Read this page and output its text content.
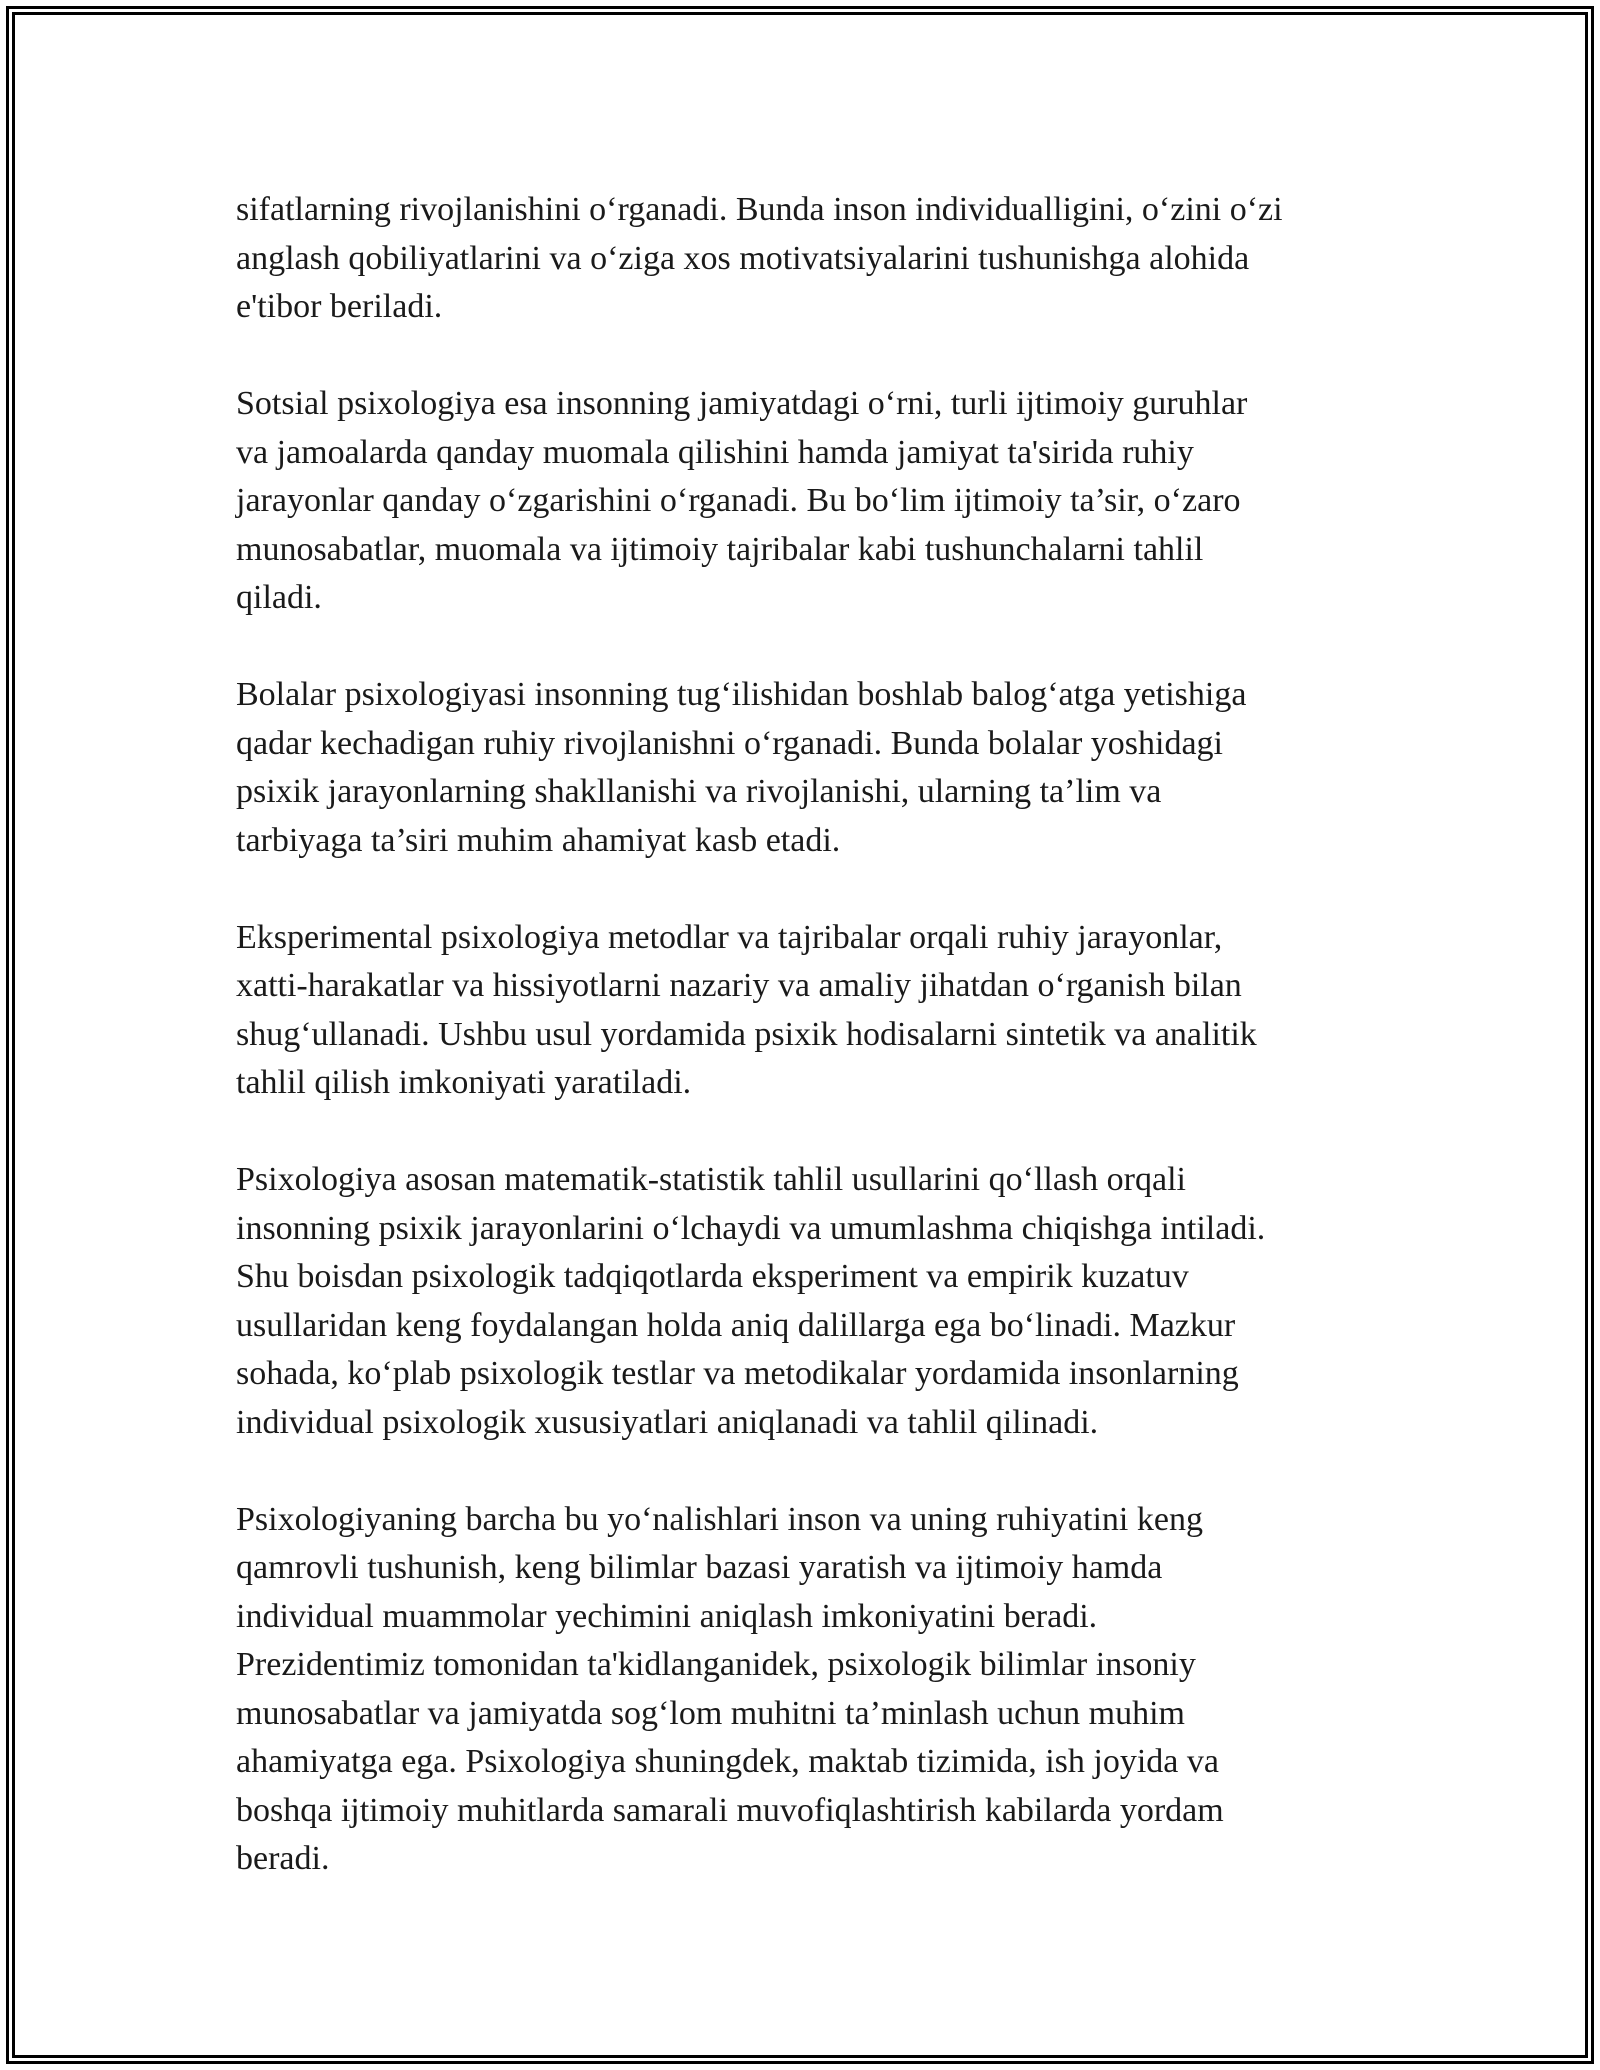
sifatlarning rivojlanishini o‘rganadi. Bunda inson individualligini, o‘zini o‘zi
anglash qobiliyatlarini va o‘ziga xos motivatsiyalarini tushunishga alohida
e'tibor beriladi.

Sotsial psixologiya esa insonning jamiyatdagi o‘rni, turli ijtimoiy guruhlar
va jamoalarda qanday muomala qilishini hamda jamiyat ta'sirida ruhiy
jarayonlar qanday o‘zgarishini o‘rganadi. Bu bo‘lim ijtimoiy ta’sir, o‘zaro
munosabatlar, muomala va ijtimoiy tajribalar kabi tushunchalarni tahlil
qiladi.

Bolalar psixologiyasi insonning tug‘ilishidan boshlab balog‘atga yetishiga
qadar kechadigan ruhiy rivojlanishni o‘rganadi. Bunda bolalar yoshidagi
psixik jarayonlarning shakllanishi va rivojlanishi, ularning ta’lim va
tarbiyaga ta’siri muhim ahamiyat kasb etadi.

Eksperimental psixologiya metodlar va tajribalar orqali ruhiy jarayonlar,
xatti-harakatlar va hissiyotlarni nazariy va amaliy jihatdan o‘rganish bilan
shug‘ullanadi. Ushbu usul yordamida psixik hodisalarni sintetik va analitik
tahlil qilish imkoniyati yaratiladi.

Psixologiya asosan matematik-statistik tahlil usullarini qo‘llash orqali
insonning psixik jarayonlarini o‘lchaydi va umumlashma chiqishga intiladi.
Shu boisdan psixologik tadqiqotlarda eksperiment va empirik kuzatuv
usullaridan keng foydalangan holda aniq dalillarga ega bo‘linadi. Mazkur
sohada, ko‘plab psixologik testlar va metodikalar yordamida insonlarning
individual psixologik xususiyatlari aniqlanadi va tahlil qilinadi.

Psixologiyaning barcha bu yo‘nalishlari inson va uning ruhiyatini keng
qamrovli tushunish, keng bilimlar bazasi yaratish va ijtimoiy hamda
individual muammolar yechimini aniqlash imkoniyatini beradi.
Prezidentimiz tomonidan ta'kidlanganidek, psixologik bilimlar insoniy
munosabatlar va jamiyatda sog‘lom muhitni ta’minlash uchun muhim
ahamiyatga ega. Psixologiya shuningdek, maktab tizimida, ish joyida va
boshqa ijtimoiy muhitlarda samarali muvofiqlashtirish kabilarda yordam
beradi.
